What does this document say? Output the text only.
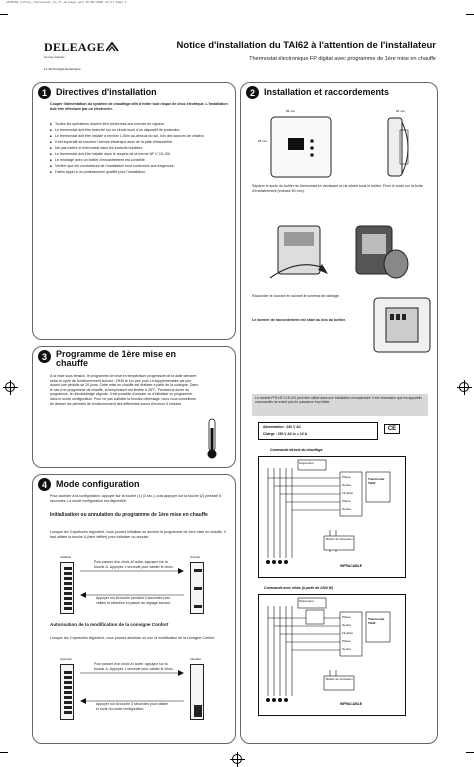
2196591_notice_thermostat_fp_fr_deleage.qxd 15/06/2009 12:17 Page 1
DELEAGE
Groupe Atlantic
La Technologie Ecolectique
Notice d'installation du TAI62 à l'attention de l'installateur
Thermostat électronique FP digital avec programme de 1ère mise en chauffe
1	Directives d'installation
Couper l'alimentation du système de chauffage afin d'éviter tout risque de choc électrique. L'installation doit être effectuée par un électricien.
■ Toutes les opérations doivent être conformes aux normes en vigueur.
■ Le thermostat doit être branché sur un circuit muni d'un dispositif de protection.
■ Le thermostat doit être installé à environ 1,50m au-dessus du sol, loin des sources de chaleur.
■ Il est impératif de boucher l'arrivée électrique avec de la pâte d'étanchéité.
■ Ne pas mettre le thermostat dans les endroits humides.
■ Le thermostat doit être installé dans le respect de la norme NF C 15-100.
■ Le montage avec un boîtier d'encastrement est conseillé.
■ Vérifier que les conducteurs de l'installation sont conformes aux exigences.
■ Faites appel à un professionnel qualifié pour l'installation.
3	Programme de 1ère mise en chauffe
À la mise sous tension, le programme de mise en température progressive de la dalle démarre selon le cycle de fonctionnement suivant : 2H30 le 1er jour, puis 1h supplémentaire par jour durant une période de 20 jours. Cette mise en chauffe est réalisée à partir de la consigne. Dans le cas d'un programme de chauffe, la température est limitée à 28°C. Pendant la durée du programme, le rétroéclairage clignote. Il est possible d'annuler ou d'initialiser ce programme dans le mode configuration. Pour ne pas solliciter la fonction délestage, nous vous conseillons de déviser les périodes de fonctionnement des différentes zones d'environ 5 minutes.
4	Mode configuration
Pour accéder à la configuration, appuyer sur la touche (1) (3 sec.), puis appuyer sur la touche (2) pendant 5 secondes. Le mode configuration est disponible.
Initialisation ou annulation du programme de 1ère mise en chauffe
Lorsque les 3 symboles clignotent, vous pouvez initialiser ou annuler le programme de 1ère mise en chauffe. Il faut utiliser la touche Δ (faire défiler) pour initialiser ou annuler.
Initiation	Annuler
Pour passer d'un choix à l'autre, appuyez sur la touche Δ. Appuyez 1 seconde pour valider le choix.
Appuyer sur la touche pendant 3 secondes pour valider la sélection et passer au réglage suivant.
Autorisation de la modification de la consigne Confort
Lorsque les 2 symboles clignotent, vous pouvez autoriser ou non la modification de la consigne Confort.
Autoriser	Interdire
Pour passer d'un choix à l'autre, appuyez sur la touche Δ. Appuyez 1 seconde pour valider le choix.
Appuyer sur la touche 3 secondes pour valider et sortir du mode configuration.
2	Installation et raccordements
86 mm
86 mm
26 mm
Séparer le socle du boîtier du thermostat en dévissant la vis située sous le boîtier. Fixer le socle sur la boîte d'encastrement (entraxe 60 mm).
Raccorder le courant en suivant le schéma de câblage.
Le bornier de raccordement est situé au dos du boîtier.
Le modèle FPA NF C15-100 peut être utilisé dans une installation monophasée. Il est nécessaire que les appareils commandés ne soient pas de puissance trop faible.
Alimentation : 230 V AC
Charge : 230 V AC Ie = 10 A
CE
Commande directe du chauffage
Disjoncteur
Phase
Neutre
Fil pilote
Phase
Neutre
Thermostat Tai62
Boîtier de dérivation
INFRACABLE
Commande avec relais (à partir de 2300 W)
Disjoncteur
Phase
Neutre
Fil pilote
Phase
Neutre
Thermostat Tai62
Boîtier de dérivation
INFRACABLE
